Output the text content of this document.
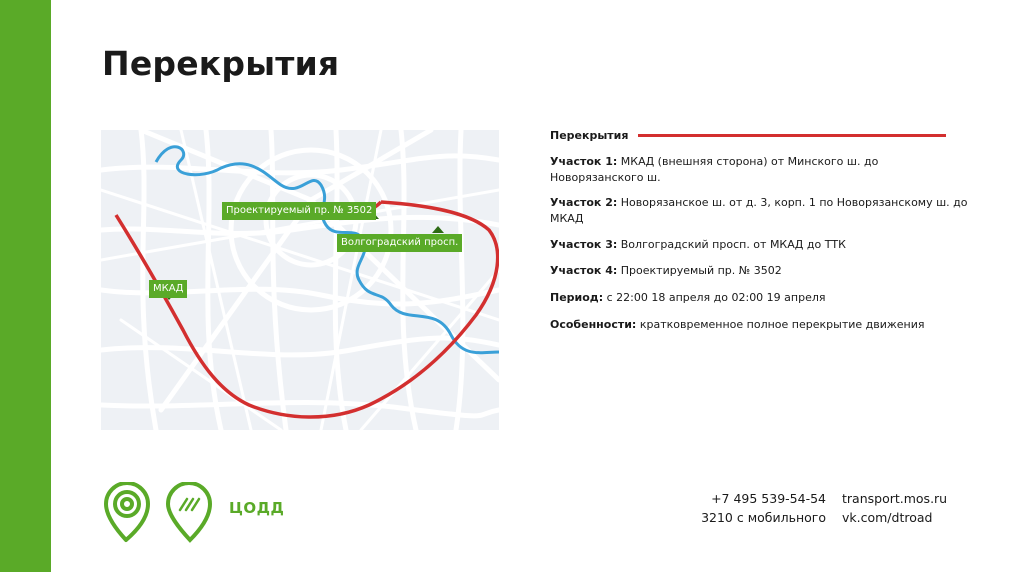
Перекрытия
Проектируемый пр. № 3502
Волгоградский просп.
МКАД
Перекрытия
Участок 1: МКАД (внешняя сторона) от Минского ш. до Новорязанского ш.
Участок 2: Новорязанское ш. от д. 3, корп. 1 по Новорязанскому ш. до МКАД
Участок 3: Волгоградский просп. от МКАД до ТТК
Участок 4: Проектируемый пр. № 3502
Период: с 22:00 18 апреля до 02:00 19 апреля
Особенности: кратковременное полное перекрытие движения
ЦОДД
+7 495 539-54-54
3210 с мобильного
transport.mos.ru
vk.com/dtroad
